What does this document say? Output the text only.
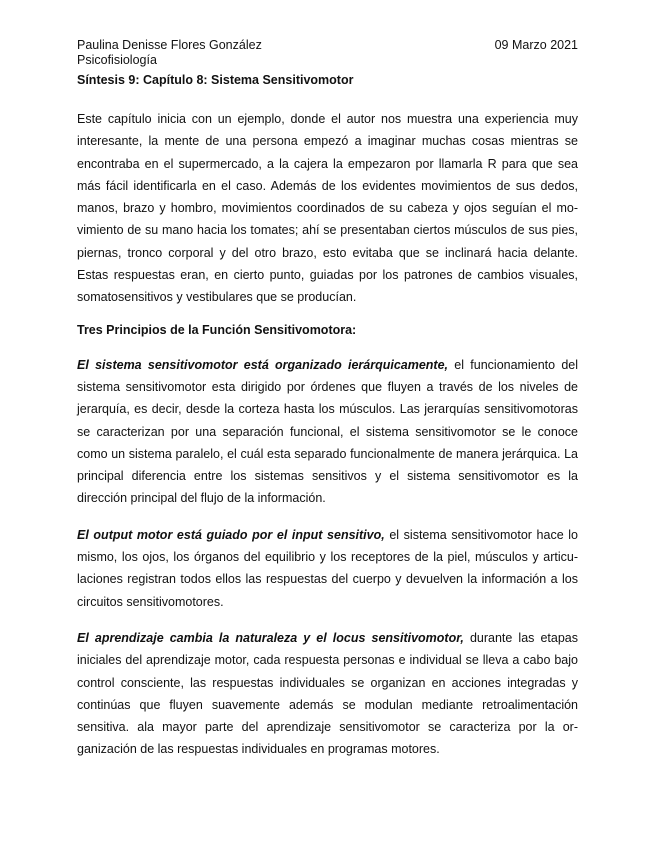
Paulina Denisse Flores González	09 Marzo 2021
Psicofisiología
Síntesis 9: Capítulo 8: Sistema Sensitivomotor

Este capítulo inicia con un ejemplo, donde el autor nos muestra una experiencia muy interesante, la mente de una persona empezó a imaginar muchas cosas mientras se encontraba en el supermercado, a la cajera la empezaron por llamarla R para que sea más fácil identificarla en el caso. Además de los evidentes movimientos de sus dedos, manos, brazo y hombro, movimientos coordinados de su cabeza y ojos seguían el movimiento de su mano hacia los tomates; ahí se presentaban ciertos músculos de sus pies, piernas, tronco corporal y del otro brazo, esto evitaba que se inclinará hacia delante. Estas respuestas eran, en cierto punto, guiadas por los patrones de cambios visuales, somatosensitivos y vestibulares que se producían.

Tres Principios de la Función Sensitivomotora:

El sistema sensitivomotor está organizado ierárquicamente, el funcionamiento del sistema sensitivomotor esta dirigido por órdenes que fluyen a través de los niveles de jerarquía, es decir, desde la corteza hasta los músculos. Las jerarquías sensitivomotoras se caracterizan por una separación funcional, el sistema sensitivomotor se le conoce como un sistema paralelo, el cuál esta separado funcionalmente de manera jerárquica. La principal diferencia entre los sistemas sensitivos y el sistema sensitivomotor es la dirección principal del flujo de la información.

El output motor está guiado por el input sensitivo, el sistema sensitivomotor hace lo mismo, los ojos, los órganos del equilibrio y los receptores de la piel, músculos y articulaciones registran todos ellos las respuestas del cuerpo y devuelven la información a los circuitos sensitivomotores.

El aprendizaje cambia la naturaleza y el locus sensitivomotor, durante las etapas iniciales del aprendizaje motor, cada respuesta personas e individual se lleva a cabo bajo control consciente, las respuestas individuales se organizan en acciones integradas y continúas que fluyen suavemente además se modulan mediante retroalimentación sensitiva. ala mayor parte del aprendizaje sensitivomotor se caracteriza por la organización de las respuestas individuales en programas motores.
